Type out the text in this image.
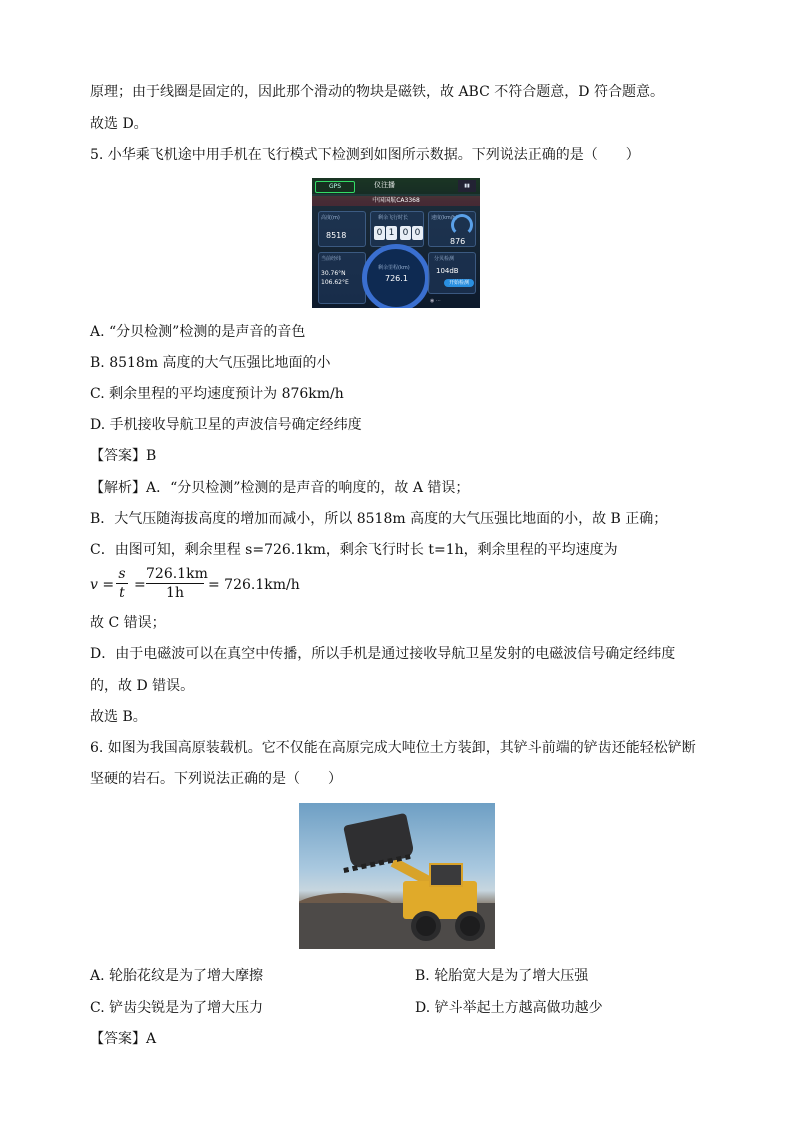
原理；由于线圈是固定的，因此那个滑动的物块是磁铁，故 ABC 不符合题意，D 符合题意。
故选 D。
5. 小华乘飞机途中用手机在飞行模式下检测到如图所示数据。下列说法正确的是（　　）
GPS	仪注播	▮▮
中国国航CA3368
高度(m)
8518
剩余飞行时长
0 1 0 0
速度(km/h)
876
当前经纬
30.76°N
106.62°E
剩余里程(km)
726.1
分贝检测
104dB
开始检测
◉ ···
A. “分贝检测”检测的是声音的音色
B. 8518m 高度的大气压强比地面的小
C. 剩余里程的平均速度预计为 876km/h
D. 手机接收导航卫星的声波信号确定经纬度
【答案】B
【解析】A．“分贝检测”检测的是声音的响度的，故 A 错误；
B．大气压随海拔高度的增加而减小，所以 8518m 高度的大气压强比地面的小，故 B 正确；
C．由图可知，剩余里程 s=726.1km，剩余飞行时长 t=1h，剩余里程的平均速度为
v =
s
t =
726.1km
1h	= 726.1km/h
故 C 错误；
D．由于电磁波可以在真空中传播，所以手机是通过接收导航卫星发射的电磁波信号确定经纬度
的，故 D 错误。
故选 B。
6. 如图为我国高原装载机。它不仅能在高原完成大吨位土方装卸，其铲斗前端的铲齿还能轻松铲断
坚硬的岩石。下列说法正确的是（　　）
A. 轮胎花纹是为了增大摩擦	B. 轮胎宽大是为了增大压强
C. 铲齿尖锐是为了增大压力	D. 铲斗举起土方越高做功越少
【答案】A
